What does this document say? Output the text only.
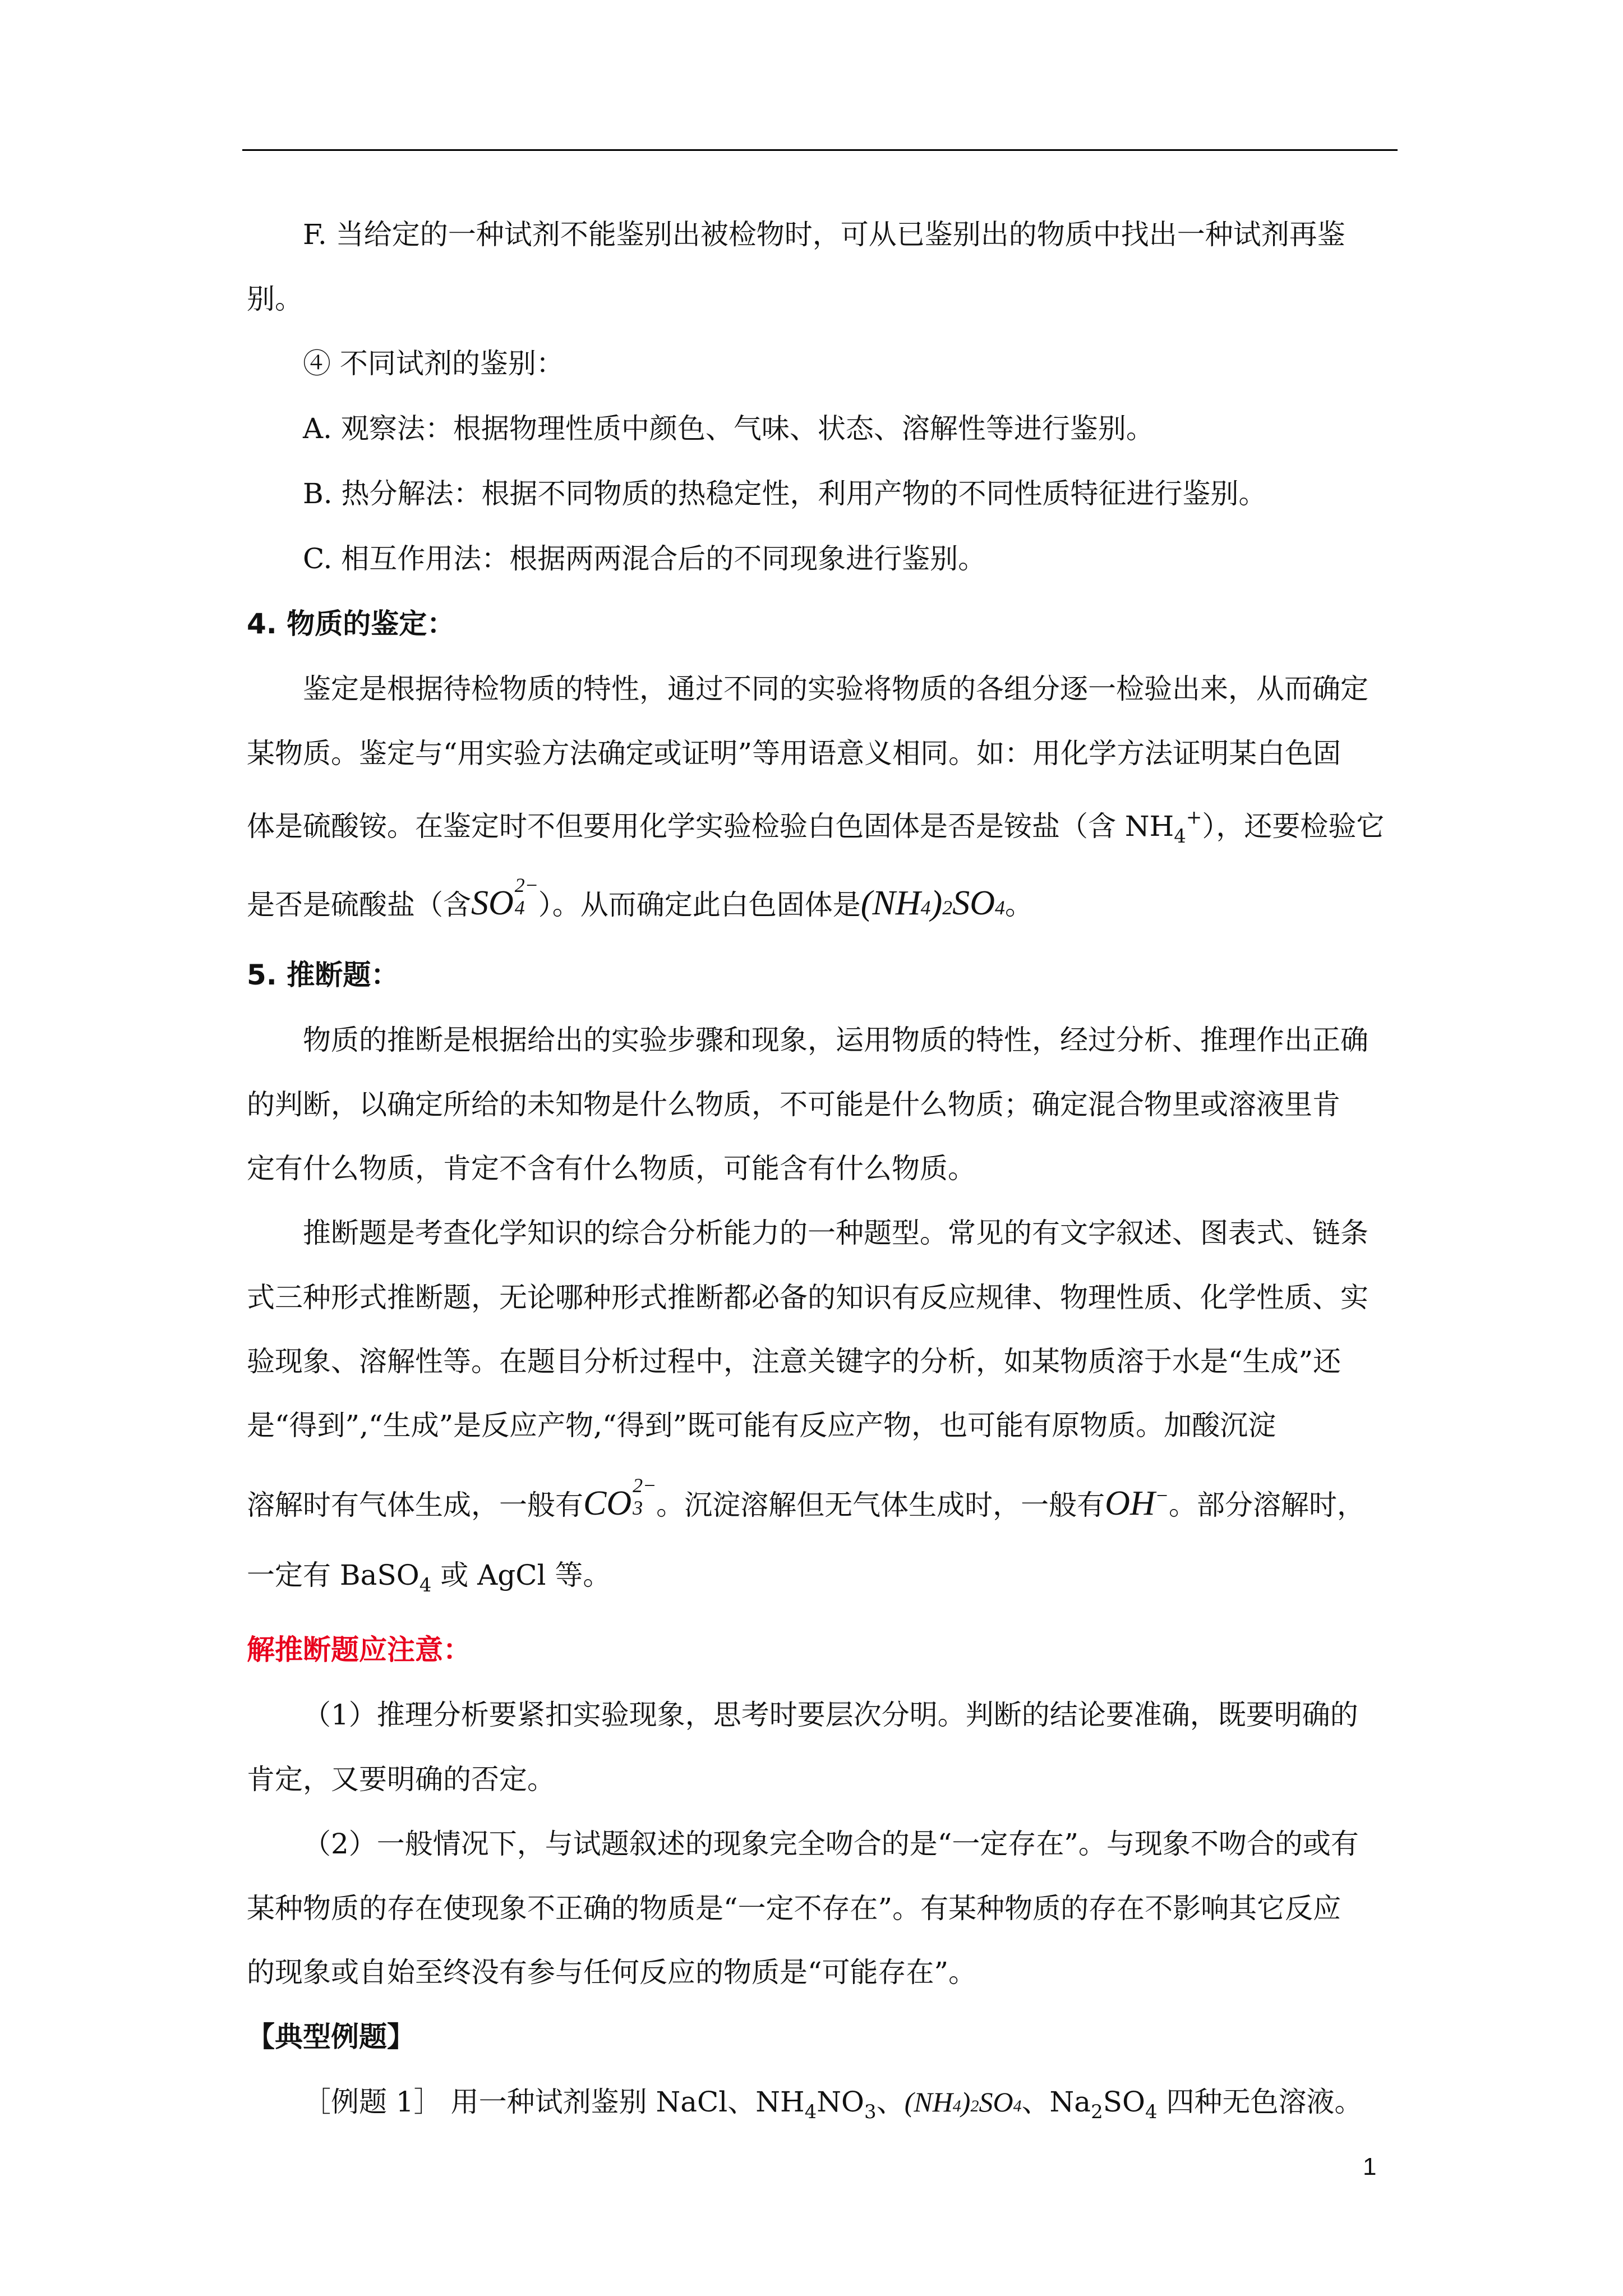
F. 当给定的一种试剂不能鉴别出被检物时，可从已鉴别出的物质中找出一种试剂再鉴

别。

④ 不同试剂的鉴别：

A. 观察法：根据物理性质中颜色、气味、状态、溶解性等进行鉴别。

B. 热分解法：根据不同物质的热稳定性，利用产物的不同性质特征进行鉴别。

C. 相互作用法：根据两两混合后的不同现象进行鉴别。

4. 物质的鉴定：

鉴定是根据待检物质的特性，通过不同的实验将物质的各组分逐一检验出来，从而确定

某物质。鉴定与“用实验方法确定或证明”等用语意义相同。如：用化学方法证明某白色固

体是硫酸铵。在鉴定时不但要用化学实验检验白色固体是否是铵盐（含 $NH_4^+$），还要检验它

是否是硫酸盐（含SO 2−
4 ）。从而确定此白色固体是(NH4)2SO4。

5. 推断题：

物质的推断是根据给出的实验步骤和现象，运用物质的特性，经过分析、推理作出正确

的判断，以确定所给的未知物是什么物质，不可能是什么物质；确定混合物里或溶液里肯

定有什么物质，肯定不含有什么物质，可能含有什么物质。

推断题是考查化学知识的综合分析能力的一种题型。常见的有文字叙述、图表式、链条

式三种形式推断题，无论哪种形式推断都必备的知识有反应规律、物理性质、化学性质、实

验现象、溶解性等。在题目分析过程中，注意关键字的分析，如某物质溶于水是“生成”还

是“得到”,“生成”是反应产物,“得到”既可能有反应产物，也可能有原物质。加酸沉淀

溶解时有气体生成，一般有CO 2−
3 。沉淀溶解但无气体生成时，一般有OH−。部分溶解时，

一定有 BaSO$_4$ 或 AgCl 等。

解推断题应注意：

（1）推理分析要紧扣实验现象，思考时要层次分明。判断的结论要准确，既要明确的

肯定，又要明确的否定。

（2）一般情况下，与试题叙述的现象完全吻合的是“一定存在”。与现象不吻合的或有

某种物质的存在使现象不正确的物质是“一定不存在”。有某种物质的存在不影响其它反应

的现象或自始至终没有参与任何反应的物质是“可能存在”。

【典型例题】

［例题 1］ 用一种试剂鉴别 NaCl、$NH_4NO_3$、(NH4)2SO4、$Na_2SO_4$ 四种无色溶液。

1
